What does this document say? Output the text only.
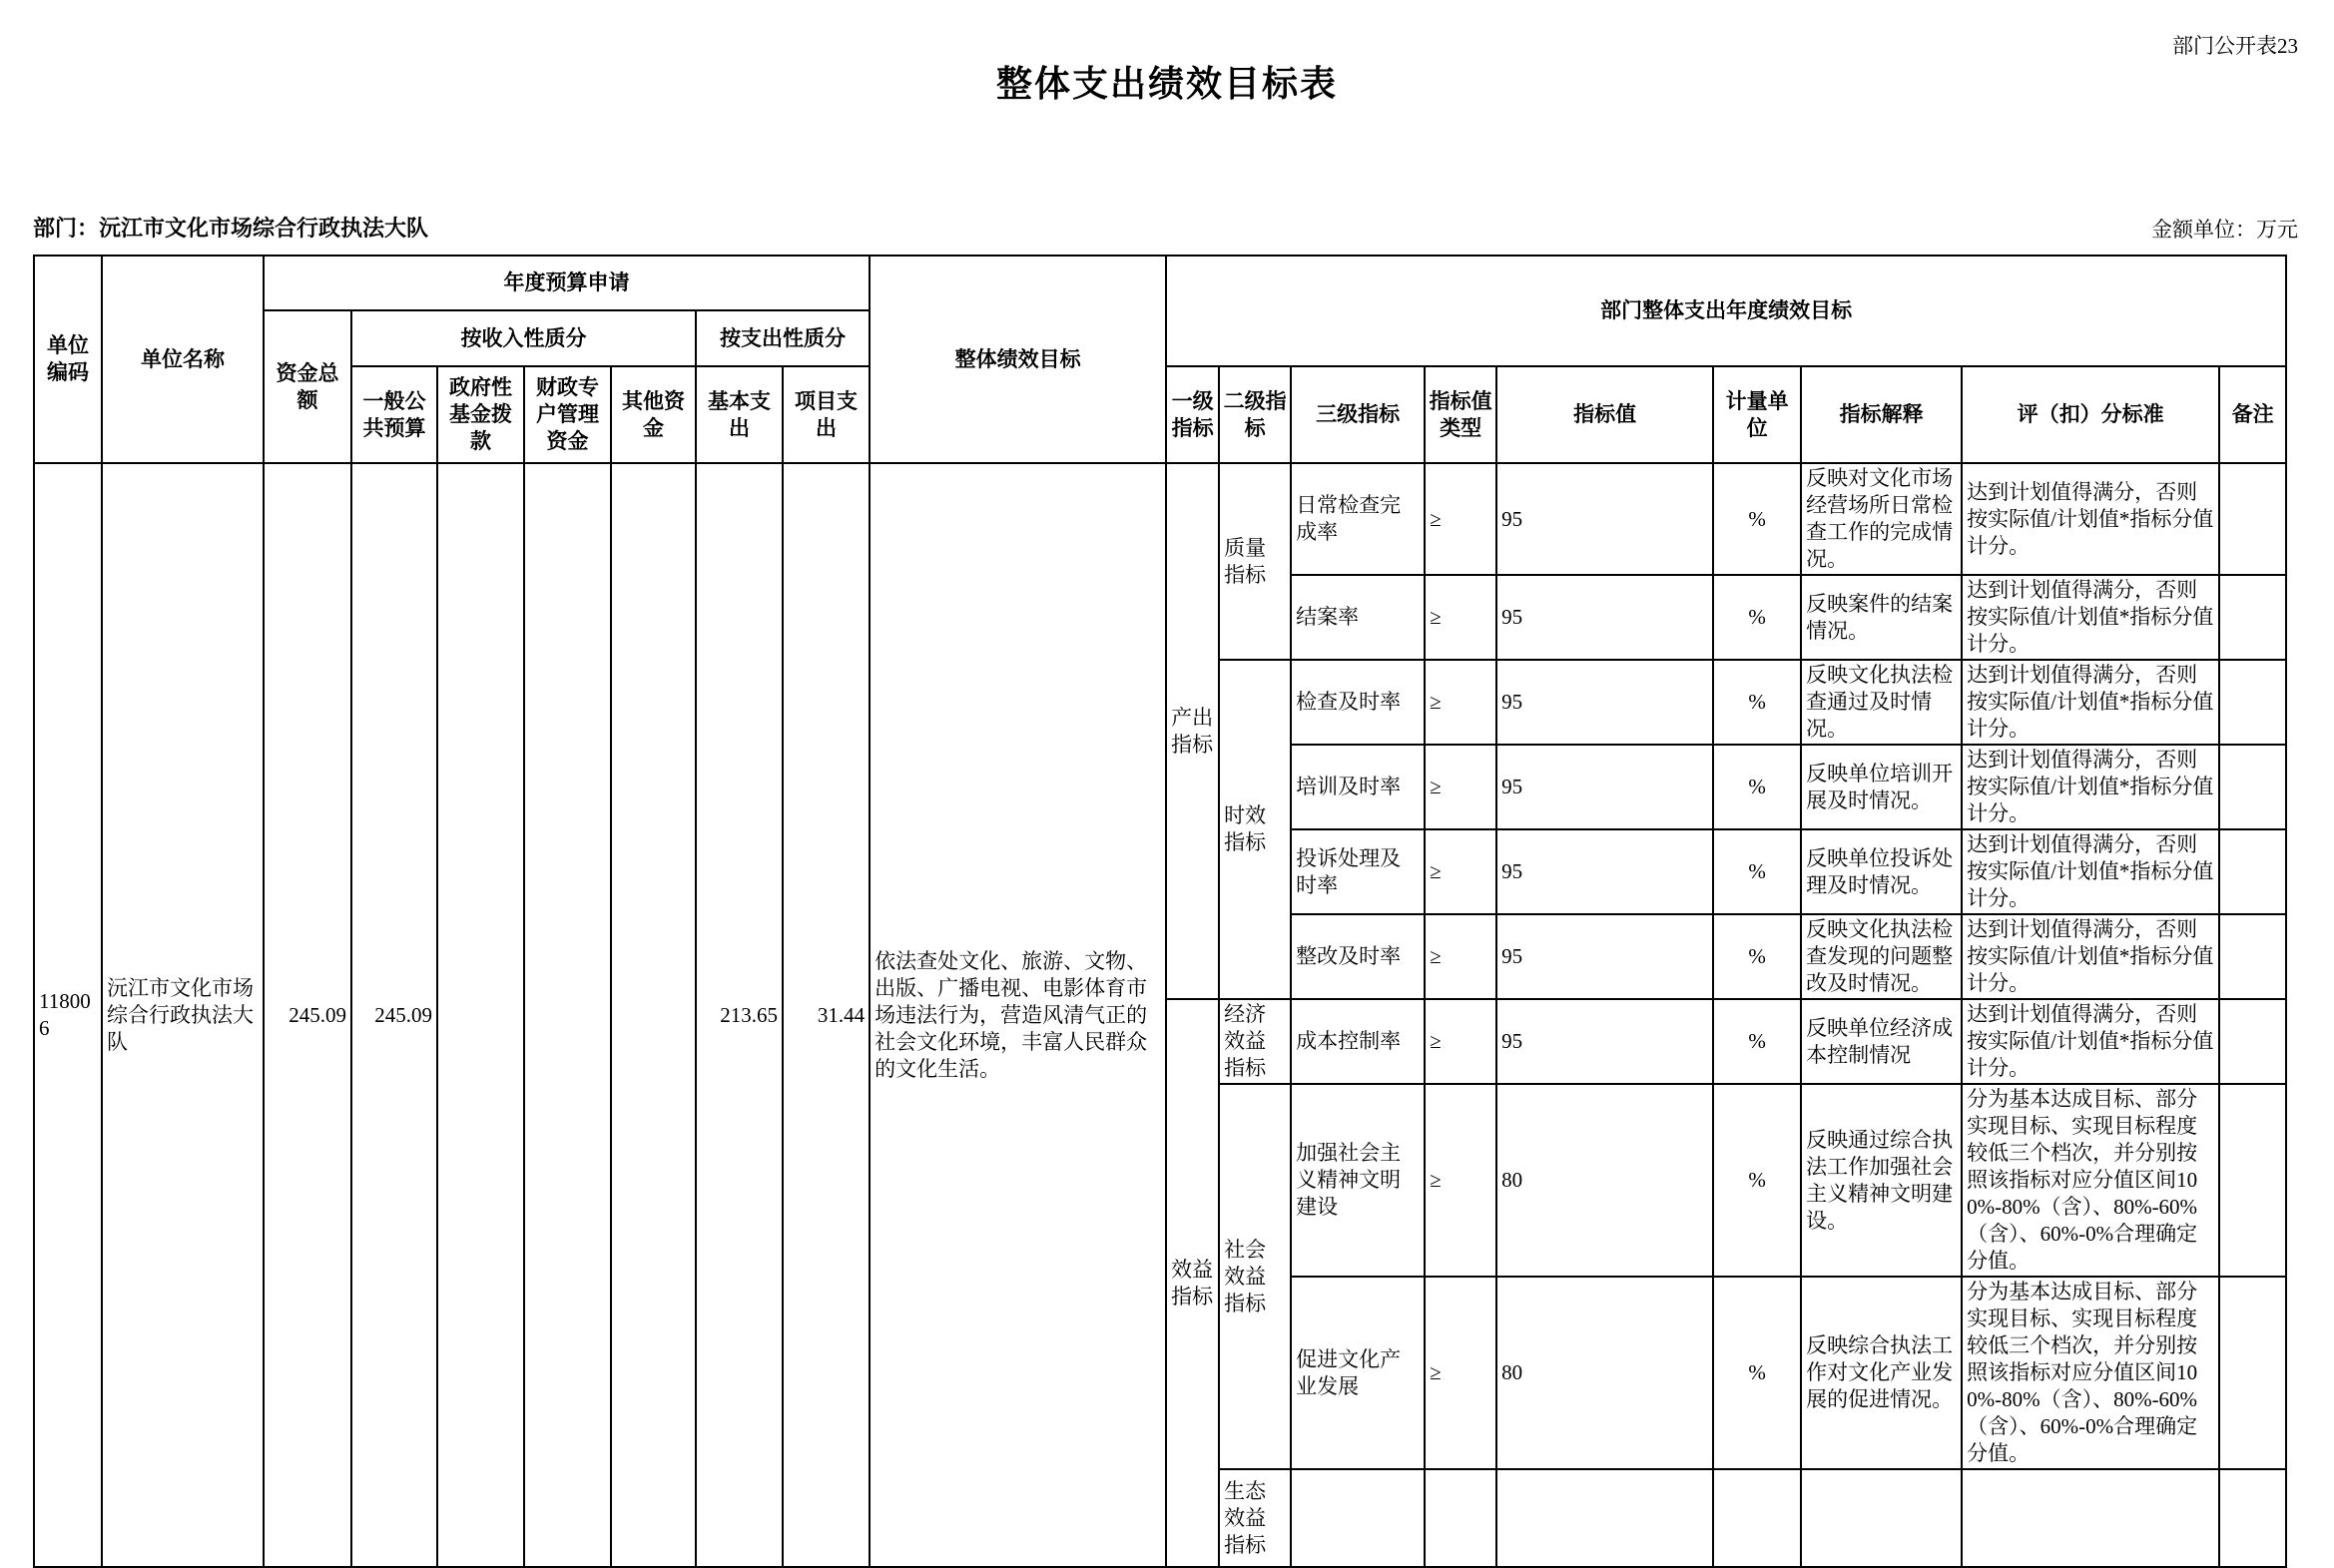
部门公开表23
整体支出绩效目标表
部门：沅江市文化市场综合行政执法大队	金额单位：万元
单位编码	单位名称	年度预算申请							整体绩效目标	部门整体支出年度绩效目标								
		资金总额	按收入性质分				按支出性质分											
			一般公共预算	政府性基金拨款	财政专户管理资金	其他资金	基本支出	项目支出		一级指标	二级指标	三级指标	指标值类型	指标值	计量单位	指标解释	评（扣）分标准	备注
118006	沅江市文化市场综合行政执法大队	245.09	245.09				213.65	31.44	依法查处文化、旅游、文物、出版、广播电视、电影体育市场违法行为，营造风清气正的社会文化环境，丰富人民群众的文化生活。	产出指标	质量指标	日常检查完成率	≥	95	%	反映对文化市场经营场所日常检查工作的完成情况。	达到计划值得满分，否则按实际值/计划值*指标分值计分。	
												结案率	≥	95	%	反映案件的结案情况。	达到计划值得满分，否则按实际值/计划值*指标分值计分。	
											时效指标	检查及时率	≥	95	%	反映文化执法检查通过及时情况。	达到计划值得满分，否则按实际值/计划值*指标分值计分。	
												培训及时率	≥	95	%	反映单位培训开展及时情况。	达到计划值得满分，否则按实际值/计划值*指标分值计分。	
												投诉处理及时率	≥	95	%	反映单位投诉处理及时情况。	达到计划值得满分，否则按实际值/计划值*指标分值计分。	
												整改及时率	≥	95	%	反映文化执法检查发现的问题整改及时情况。	达到计划值得满分，否则按实际值/计划值*指标分值计分。	
										效益指标	经济效益指标	成本控制率	≥	95	%	反映单位经济成本控制情况	达到计划值得满分，否则按实际值/计划值*指标分值计分。	
											社会效益指标	加强社会主义精神文明建设	≥	80	%	反映通过综合执法工作加强社会主义精神文明建设。	分为基本达成目标、部分实现目标、实现目标程度较低三个档次，并分别按照该指标对应分值区间100%-80%（含）、80%-60%（含）、60%-0%合理确定分值。	
												促进文化产业发展	≥	80	%	反映综合执法工作对文化产业发展的促进情况。	分为基本达成目标、部分实现目标、实现目标程度较低三个档次，并分别按照该指标对应分值区间100%-80%（含）、80%-60%（含）、60%-0%合理确定分值。	
											生态效益指标							
